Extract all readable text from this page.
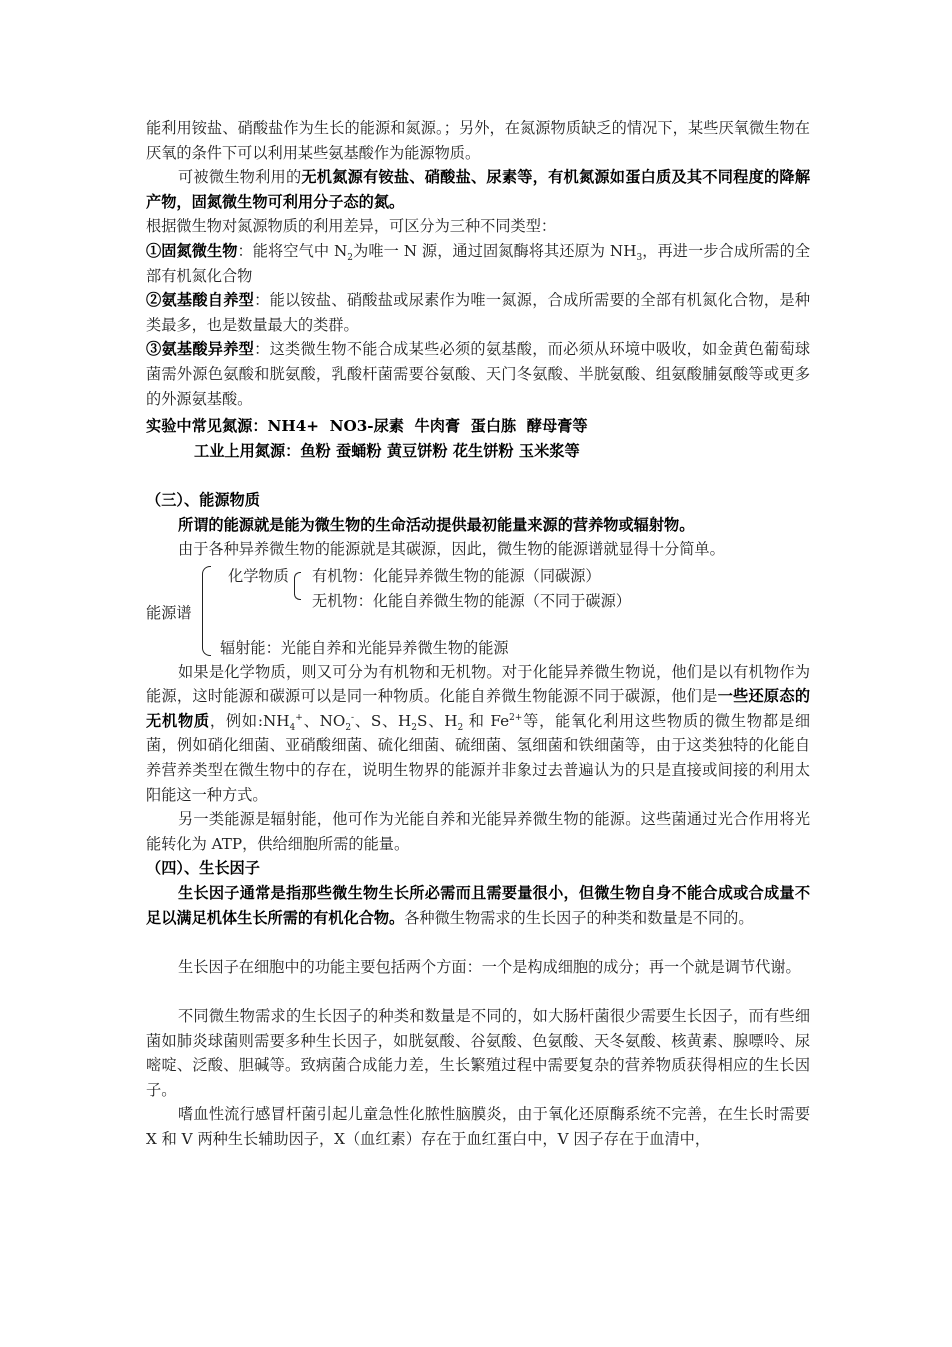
能利用铵盐、硝酸盐作为生长的能源和氮源。；另外，在氮源物质缺乏的情况下，某些厌氧微生物在厌氧的条件下可以利用某些氨基酸作为能源物质。

可被微生物利用的无机氮源有铵盐、硝酸盐、尿素等，有机氮源如蛋白质及其不同程度的降解产物，固氮微生物可利用分子态的氮。

根据微生物对氮源物质的利用差异，可区分为三种不同类型：

①固氮微生物：能将空气中 $N_2$为唯一 N 源，通过固氮酶将其还原为 $NH_3$，再进一步合成所需的全部有机氮化合物

②氨基酸自养型：能以铵盐、硝酸盐或尿素作为唯一氮源，合成所需要的全部有机氮化合物，是种类最多，也是数量最大的类群。

③氨基酸异养型：这类微生物不能合成某些必须的氨基酸，而必须从环境中吸收，如金黄色葡萄球菌需外源色氨酸和胱氨酸，乳酸杆菌需要谷氨酸、天门冬氨酸、半胱氨酸、组氨酸脯氨酸等或更多的外源氨基酸。

实验中常见氮源：NH4+  NO3-尿素  牛肉膏  蛋白胨  酵母膏等

工业上用氮源：鱼粉 蚕蛹粉 黄豆饼粉 花生饼粉 玉米浆等

（三）、能源物质

所谓的能源就是能为微生物的生命活动提供最初能量来源的营养物或辐射物。

由于各种异养微生物的能源就是其碳源，因此，微生物的能源谱就显得十分简单。

能源谱
化学物质 有机物：化能异养微生物的能源（同碳源）
无机物：化能自养微生物的能源（不同于碳源）
辐射能：光能自养和光能异养微生物的能源

如果是化学物质，则又可分为有机物和无机物。对于化能异养微生物说，他们是以有机物作为能源，这时能源和碳源可以是同一种物质。化能自养微生物能源不同于碳源，他们是一些还原态的无机物质，例如$:NH_4^+$、$NO_2^-$、S、$H_2S$、$H_2$ 和 $Fe^{2+}$等，能氧化利用这些物质的微生物都是细菌，例如硝化细菌、亚硝酸细菌、硫化细菌、硫细菌、氢细菌和铁细菌等，由于这类独特的化能自养营养类型在微生物中的存在，说明生物界的能源并非象过去普遍认为的只是直接或间接的利用太阳能这一种方式。

另一类能源是辐射能，他可作为光能自养和光能异养微生物的能源。这些菌通过光合作用将光能转化为 ATP，供给细胞所需的能量。

（四）、生长因子

生长因子通常是指那些微生物生长所必需而且需要量很小，但微生物自身不能合成或合成量不足以满足机体生长所需的有机化合物。各种微生物需求的生长因子的种类和数量是不同的。

生长因子在细胞中的功能主要包括两个方面：一个是构成细胞的成分；再一个就是调节代谢。

不同微生物需求的生长因子的种类和数量是不同的，如大肠杆菌很少需要生长因子，而有些细菌如肺炎球菌则需要多种生长因子，如胱氨酸、谷氨酸、色氨酸、天冬氨酸、核黄素、腺嘌呤、尿嘧啶、泛酸、胆碱等。致病菌合成能力差，生长繁殖过程中需要复杂的营养物质获得相应的生长因子。

嗜血性流行感冒杆菌引起儿童急性化脓性脑膜炎，由于氧化还原酶系统不完善，在生长时需要 X 和 V 两种生长辅助因子，X（血红素）存在于血红蛋白中，V 因子存在于血清中，
